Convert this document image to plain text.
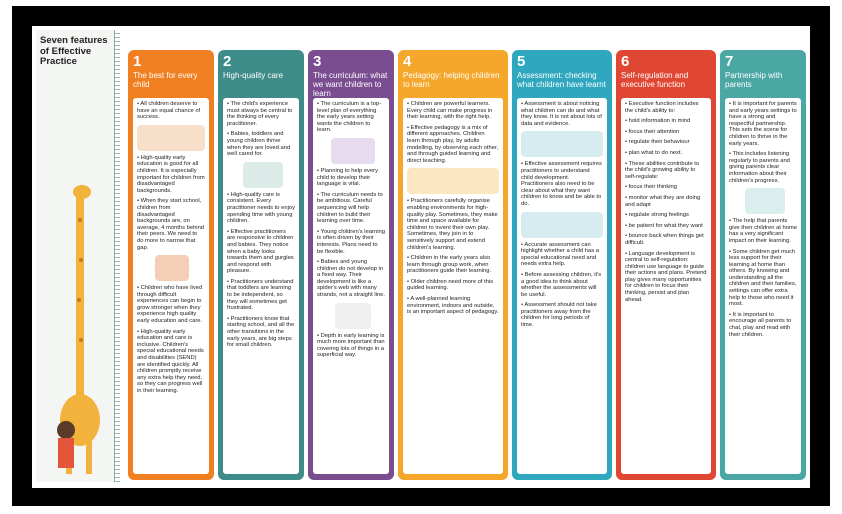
Seven features of Effective Practice	1
The best for every child
• All children deserve to have an equal chance of success.
• High-quality early education is good for all children. It is especially important for children from disadvantaged backgrounds.
• When they start school, children from disadvantaged backgrounds are, on average, 4 months behind their peers. We need to do more to narrow that gap.
• Children who have lived through difficult experiences can begin to grow stronger when they experience high quality early education and care.
• High-quality early education and care is inclusive. Children's special educational needs and disabilities (SEND) are identified quickly. All children promptly receive any extra help they need, so they can progress well in their learning.
2
High-quality care
• The child's experience must always be central to the thinking of every practitioner.
• Babies, toddlers and young children thrive when they are loved and well cared for.
• High-quality care is consistent. Every practitioner needs to enjoy spending time with young children.
• Effective practitioners are responsive to children and babies. They notice when a baby looks towards them and gurgles and respond with pleasure.
• Practitioners understand that toddlers are learning to be independent, so they will sometimes get frustrated.
• Practitioners know that starting school, and all the other transitions in the early years, are big steps for small children.
3
The curriculum: what we want children to learn
• The curriculum is a top-level plan of everything the early years setting wants the children to learn.
• Planning to help every child to develop their language is vital.
• The curriculum needs to be ambitious. Careful sequencing will help children to build their learning over time.
• Young children's learning is often driven by their interests. Plans need to be flexible.
• Babies and young children do not develop in a fixed way. Their development is like a spider's web with many strands, not a straight line.
• Depth in early learning is much more important than covering lots of things in a superficial way.
4
Pedagogy: helping children to learn
• Children are powerful learners. Every child can make progress in their learning, with the right help.
• Effective pedagogy is a mix of different approaches. Children learn through play, by adults modelling, by observing each other, and through guided learning and direct teaching.
• Practitioners carefully organise enabling environments for high-quality play. Sometimes, they make time and space available for children to invent their own play. Sometimes, they join in to sensitively support and extend children's learning.
• Children in the early years also learn through group work, when practitioners guide their learning.
• Older children need more of this guided learning.
• A well-planned learning environment, indoors and outside, is an important aspect of pedagogy.
5
Assessment: checking what children have learnt
• Assessment is about noticing what children can do and what they know. It is not about lots of data and evidence.
• Effective assessment requires practitioners to understand child development. Practitioners also need to be clear about what they want children to know and be able to do.
• Accurate assessment can highlight whether a child has a special educational need and needs extra help.
• Before assessing children, it's a good idea to think about whether the assessments will be useful.
• Assessment should not take practitioners away from the children for long periods of time.
6
Self-regulation and executive function
• Executive function includes the child's ability to:
• hold information in mind
• focus their attention
• regulate their behaviour
• plan what to do next.
• These abilities contribute to the child's growing ability to self-regulate:
• focus their thinking
• monitor what they are doing and adapt
• regulate strong feelings
• be patient for what they want
• bounce back when things get difficult.
• Language development is central to self-regulation: children use language to guide their actions and plans. Pretend play gives many opportunities for children to focus their thinking, persist and plan ahead.
7
Partnership with parents
• It is important for parents and early years settings to have a strong and respectful partnership. This sets the scene for children to thrive in the early years.
• This includes listening regularly to parents and giving parents clear information about their children's progress.
• The help that parents give their children at home has a very significant impact on their learning.
• Some children get much less support for their learning at home than others. By knowing and understanding all the children and their families, settings can offer extra help to those who need it most.
• It is important to encourage all parents to chat, play and read with their children.
